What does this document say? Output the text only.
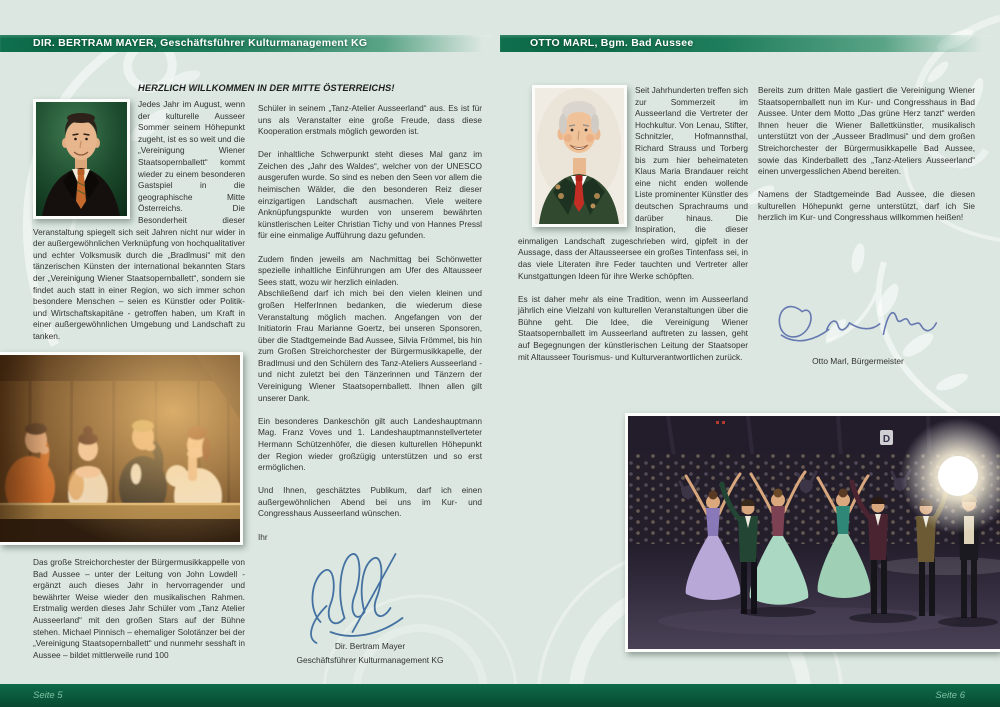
DIR. BERTRAM MAYER, Geschäftsführer Kulturmanagement KG	OTTO MARL, Bgm. Bad Aussee
HERZLICH WILLKOMMEN IN DER MITTE ÖSTERREICHS!

Jedes Jahr im August, wenn der kulturelle Ausseer Sommer seinem Höhepunkt zugeht, ist es so weit und die „Vereinigung Wiener Staatsopernballett“ kommt wieder zu einem besonderen Gastspiel in die geographische Mitte Österreichs. Die Besonderheit dieser Veranstaltung spiegelt sich seit Jahren nicht nur wider in der außergewöhnlichen Verknüpfung von hochqualitativer und echter Volksmusik durch die „Bradlmusi“ mit den tänzerischen Künsten der international bekannten Stars der „Vereinigung Wiener Staatsopernballett“, sondern sie findet auch statt in einer Region, wo sich immer schon besondere Menschen – seien es Künstler oder Politik- und Wirtschaftskapitäne - getroffen haben, um Kraft in einer außergewöhnlichen Umgebung und Landschaft zu tanken.

Das große Streichorchester der Bürgermusikkappelle von Bad Aussee – unter der Leitung von John Lowdell - ergänzt auch dieses Jahr in hervorragender und bewährter Weise wieder den musikalischen Rahmen. Erstmalig werden dieses Jahr Schüler vom „Tanz Atelier Ausseerland“ mit den großen Stars auf der Bühne stehen. Michael Pinnisch – ehemaliger Solotänzer bei der „Vereinigung Staatsopernballett“ und nunmehr sesshaft in Aussee – bildet mittlerweile rund 100

Schüler in seinem „Tanz-Atelier Ausseerland“ aus. Es ist für uns als Veranstalter eine große Freude, dass diese Kooperation erstmals möglich geworden ist.

Der inhaltliche Schwerpunkt steht dieses Mal ganz im Zeichen des „Jahr des Waldes“, welcher von der UNESCO ausgerufen wurde. So sind es neben den Seen vor allem die heimischen Wälder, die den besonderen Reiz dieser einzigartigen Landschaft ausmachen. Viele weitere Anknüpfungspunkte wurden von unserem bewährten künstlerischen Leiter Christian Tichy und von Hannes Pressl für eine einmalige Aufführung dazu gefunden.

Zudem finden jeweils am Nachmittag bei Schönwetter spezielle inhaltliche Einführungen am Ufer des Altausseer Sees statt, wozu wir herzlich einladen.

Abschließend darf ich mich bei den vielen kleinen und großen HelferInnen bedanken, die wiederum diese Veranstaltung möglich machen. Angefangen von der Initiatorin Frau Marianne Goertz, bei unseren Sponsoren, über die Stadtgemeinde Bad Aussee, Silvia Frömmel, bis hin zum Großen Streichorchester der Bürgermusikkapelle, der Bradlmusi und den Schülern des Tanz-Ateliers Ausseerland - und nicht zuletzt bei den Tänzerinnen und Tänzern der Vereinigung Wiener Staatsopernballett. Ihnen allen gilt unserer Dank.

Ein besonderes Dankeschön gilt auch Landeshauptmann Mag. Franz Voves und 1. Landeshauptmannstellverteter Hermann Schützenhöfer, die diesen kulturellen Höhepunkt der Region wieder großzügig unterstützen und so erst ermöglichen.

Und Ihnen, geschätztes Publikum, darf ich einen außergewöhnlichen Abend bei uns im Kur- und Congresshaus Ausseerland wünschen.

Ihr

Dir. Bertram Mayer
Geschäftsführer Kulturmanagement KG

Seit Jahrhunderten treffen sich zur Sommerzeit im Ausseerland die Vertreter der Hochkultur. Von Lenau, Stifter, Schnitzler, Hofmannsthal, Richard Strauss und Torberg bis zum hier beheimateten Klaus Maria Brandauer reicht eine nicht enden wollende Liste prominenter Künstler des deutschen Sprachraums und darüber hinaus. Die Inspiration, die dieser einmaligen Landschaft zugeschrieben wird, gipfelt in der Aussage, dass der Altausseersee ein großes Tintenfass sei, in das viele Literaten ihre Feder tauchten und Vertreter aller Kunstgattungen Ideen für ihre Werke schöpften.

Es ist daher mehr als eine Tradition, wenn im Ausseerland jährlich eine Vielzahl von kulturellen Veranstaltungen über die Bühne geht. Die Idee, die Vereinigung Wiener Staatsopernballett im Ausseerland auftreten zu lassen, geht auf Begegnungen der künstlerischen Leitung der Staatsoper mit Altausseer Tourismus- und Kulturverantwortlichen zurück.

Bereits zum dritten Male gastiert die Vereinigung Wiener Staatsopernballett nun im Kur- und Congresshaus in Bad Aussee. Unter dem Motto „Das grüne Herz tanzt“ werden Ihnen heuer die Wiener Ballettkünstler, musikalisch unterstützt von der „Ausseer Bradlmusi“ und dem großen Streichorchester der Bürgermusikkapelle Bad Aussee, sowie das Kinderballett des „Tanz-Ateliers Ausseerland“ einen unvergesslichen Abend bereiten.

Namens der Stadtgemeinde Bad Aussee, die diesen kulturellen Höhepunkt gerne unterstützt, darf ich Sie herzlich im Kur- und Congresshaus willkommen heißen!

Otto Marl, Bürgermeister
D
Seite 5	Seite 6
